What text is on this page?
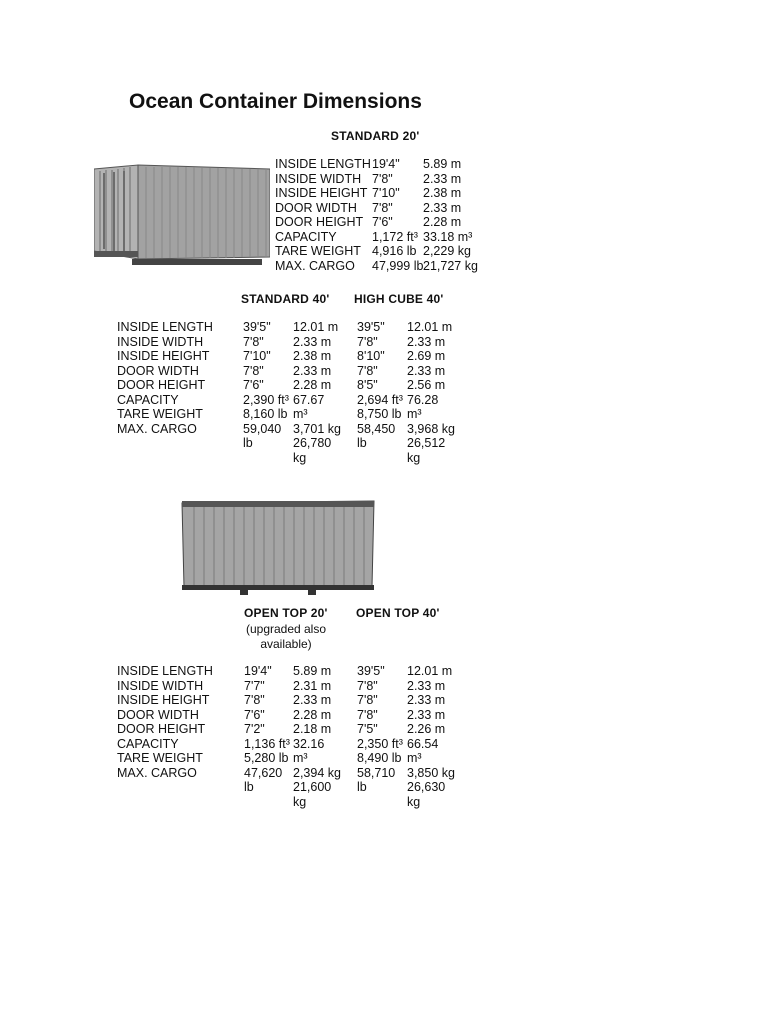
Ocean Container Dimensions
STANDARD 20'
INSIDE LENGTH 19'4" 5.89 m
INSIDE WIDTH 7'8" 2.33 m
INSIDE HEIGHT 7'10" 2.38 m
DOOR WIDTH 7'8" 2.33 m
DOOR HEIGHT 7'6" 2.28 m
CAPACITY	1,172 ft³ 33.18 m³
TARE WEIGHT 4,916 lb 2,229 kg
MAX. CARGO 47,999 lb 21,727 kg
STANDARD 40' HIGH CUBE 40'
INSIDE LENGTH
INSIDE WIDTH
INSIDE HEIGHT
DOOR WIDTH
DOOR HEIGHT
CAPACITY
TARE WEIGHT
MAX. CARGO
39'5"
7'8"
7'10"
7'8"
7'6"
2,390 ft³
8,160 lb
59,040 lb
12.01 m
2.33 m
2.38 m
2.33 m
2.28 m
67.67
m³
3,701 kg
26,780 kg
39'5"
7'8"
8'10"
7'8"
8'5"
2,694 ft³
8,750 lb
58,450 lb
12.01 m
2.33 m
2.69 m
2.33 m
2.56 m
76.28
m³
3,968 kg
26,512 kg
OPEN TOP 20'
(upgraded also available)
OPEN TOP 40'
INSIDE LENGTH
INSIDE WIDTH
INSIDE HEIGHT
DOOR WIDTH
DOOR HEIGHT
CAPACITY
TARE WEIGHT
MAX. CARGO
19'4"
7'7"
7'8"
7'6"
7'2"
1,136 ft³
5,280 lb
47,620 lb
5.89 m
2.31 m
2.33 m
2.28 m
2.18 m
32.16
m³
2,394 kg
21,600 kg
39'5"
7'8"
7'8"
7'8"
7'5"
2,350 ft³
8,490 lb
58,710 lb
12.01 m
2.33 m
2.33 m
2.33 m
2.26 m
66.54
m³
3,850 kg
26,630 kg
